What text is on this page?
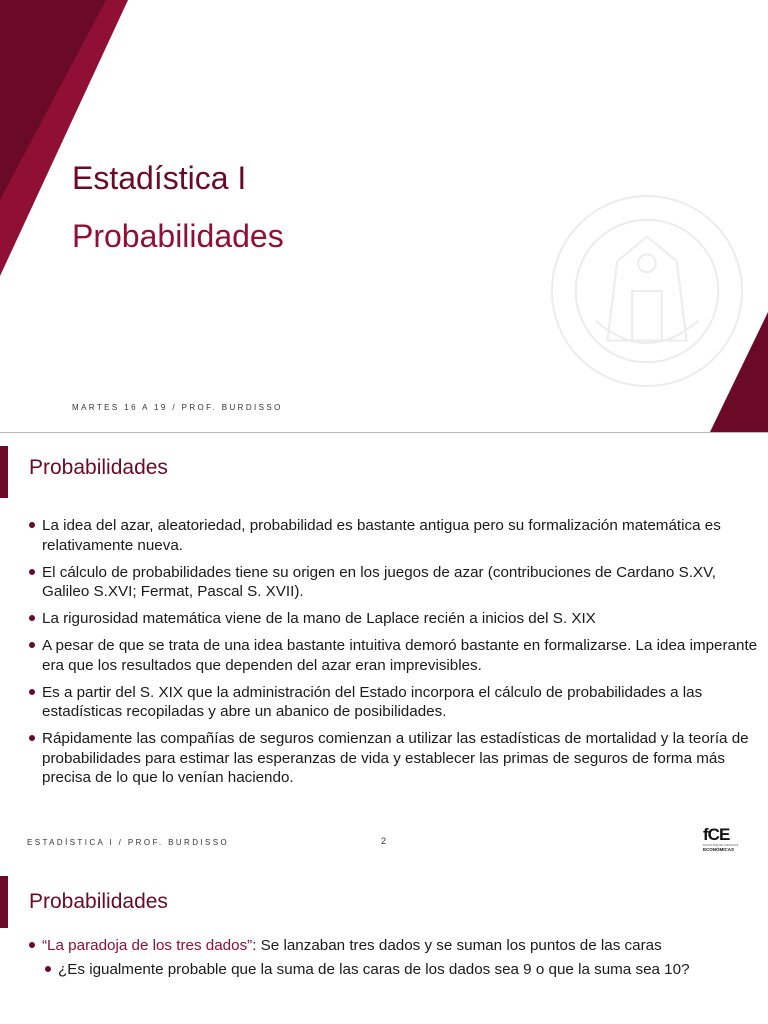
Estadística I
Probabilidades
MARTES 16 A 19 / PROF. BURDISSO
Probabilidades
La idea del azar, aleatoriedad, probabilidad es bastante antigua pero su formalización matemática es relativamente nueva.
El cálculo de probabilidades tiene su origen en los juegos de azar (contribuciones de Cardano S.XV, Galileo S.XVI; Fermat, Pascal S. XVII).
La rigurosidad matemática viene de la mano de Laplace recién a inicios del S. XIX
A pesar de que se trata de una idea bastante intuitiva demoró bastante en formalizarse. La idea imperante era que los resultados que dependen del azar eran imprevisibles.
Es a partir del S. XIX que la administración del Estado incorpora el cálculo de probabilidades a las estadísticas recopiladas y abre un abanico de posibilidades.
Rápidamente las compañías de seguros comienzan a utilizar las estadísticas de mortalidad y la teoría de probabilidades para estimar las esperanzas de vida y establecer las primas de seguros de forma más precisa de lo que lo venían haciendo.
ESTADÍSTICA I / PROF. BURDISSO	2	fCE
FACULTAD DE CIENCIAS
ECONÓMICAS
Probabilidades
“La paradoja de los tres dados”: Se lanzaban tres dados y se suman los puntos de las caras
¿Es igualmente probable que la suma de las caras de los dados sea 9 o que la suma sea 10?
